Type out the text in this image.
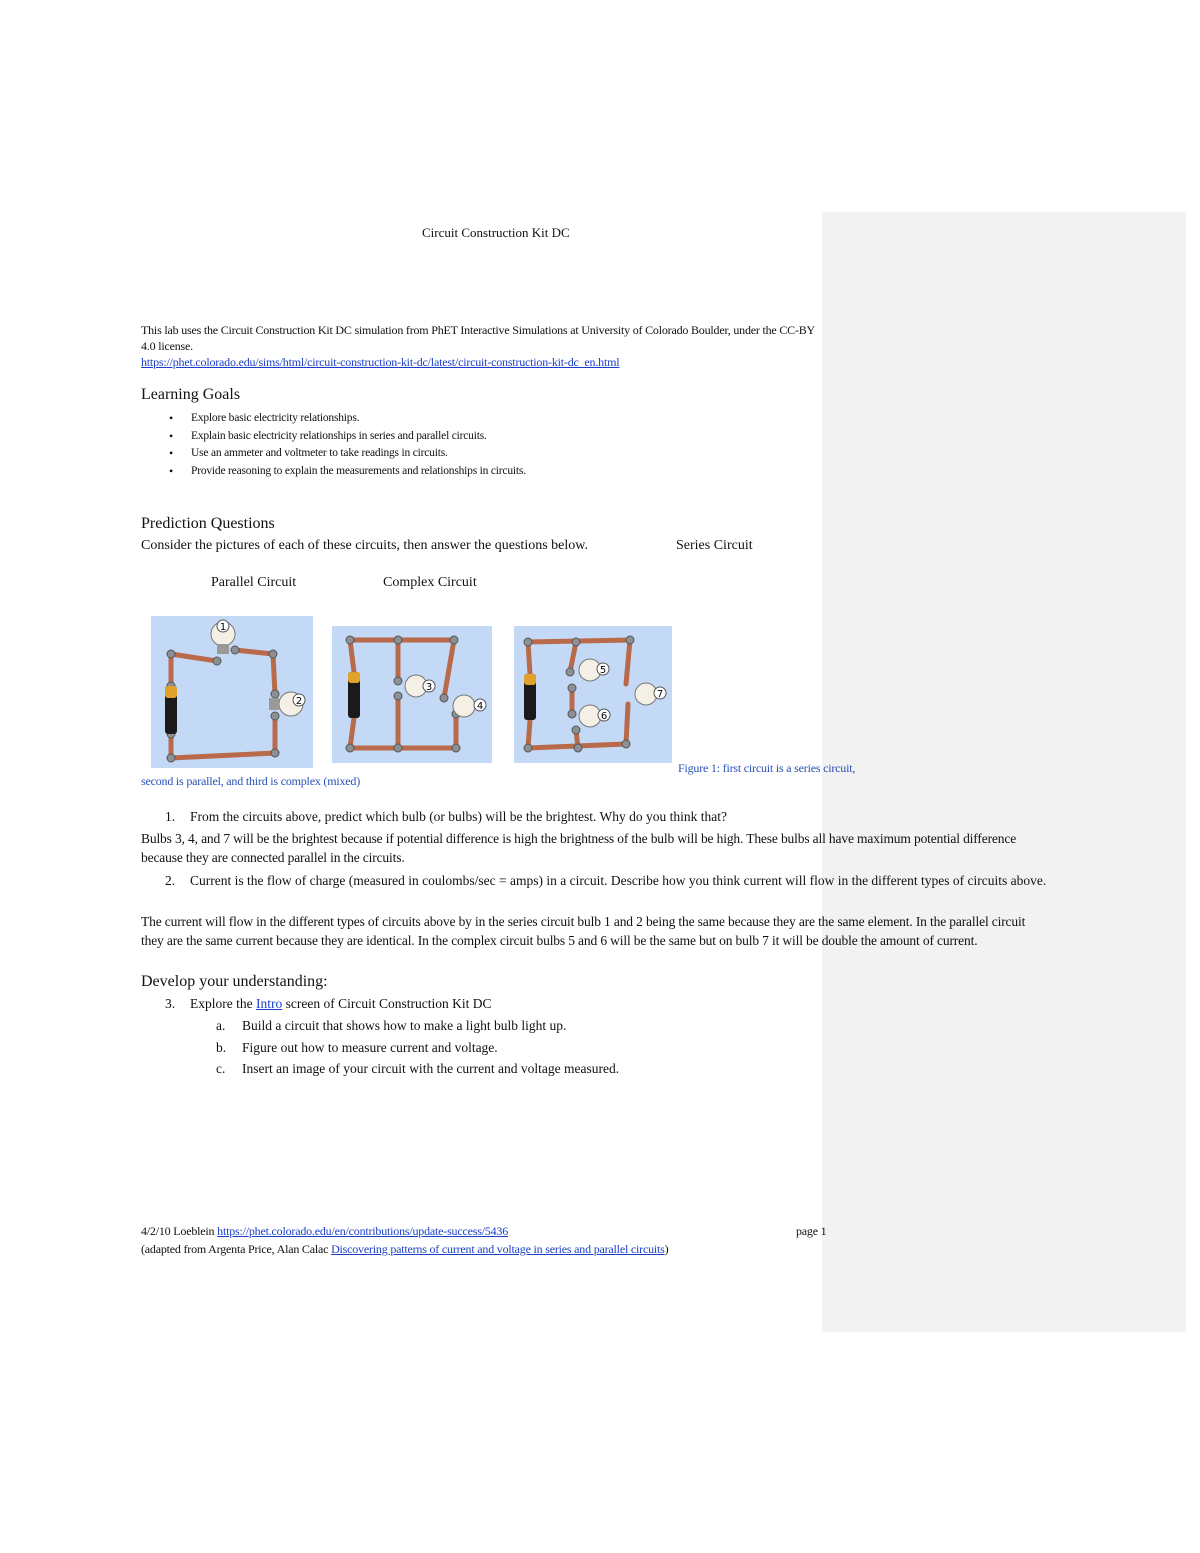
Circuit Construction Kit DC
This lab uses the Circuit Construction Kit DC simulation from PhET Interactive Simulations at University of Colorado Boulder, under the CC-BY 4.0 license.
https://phet.colorado.edu/sims/html/circuit-construction-kit-dc/latest/circuit-construction-kit-dc_en.html
Learning Goals
• Explore basic electricity relationships.
• Explain basic electricity relationships in series and parallel circuits.
• Use an ammeter and voltmeter to take readings in circuits.
• Provide reasoning to explain the measurements and relationships in circuits.
Prediction Questions
Consider the pictures of each of these circuits, then answer the questions below.	Series Circuit
Parallel Circuit	Complex Circuit
1
2
3
4
5
6
7
Figure 1: first circuit is a series circuit,
second is parallel, and third is complex (mixed)
1. From the circuits above, predict which bulb (or bulbs) will be the brightest. Why do you think that?
Bulbs 3, 4, and 7 will be the brightest because if potential difference is high the brightness of the bulb will be high. These bulbs all have maximum potential difference because they are connected parallel in the circuits.
2. Current is the flow of charge (measured in coulombs/sec = amps) in a circuit. Describe how you think current will flow in the different types of circuits above.
The current will flow in the different types of circuits above by in the series circuit bulb 1 and 2 being the same because they are the same element. In the parallel circuit they are the same current because they are identical. In the complex circuit bulbs 5 and 6 will be the same but on bulb 7 it will be double the amount of current.
Develop your understanding:
3. Explore the Intro screen of Circuit Construction Kit DC
a. Build a circuit that shows how to make a light bulb light up.
b. Figure out how to measure current and voltage.
c. Insert an image of your circuit with the current and voltage measured.
4/2/10 Loeblein https://phet.colorado.edu/en/contributions/update-success/5436	page 1
(adapted from Argenta Price, Alan Calac Discovering patterns of current and voltage in series and parallel circuits)
